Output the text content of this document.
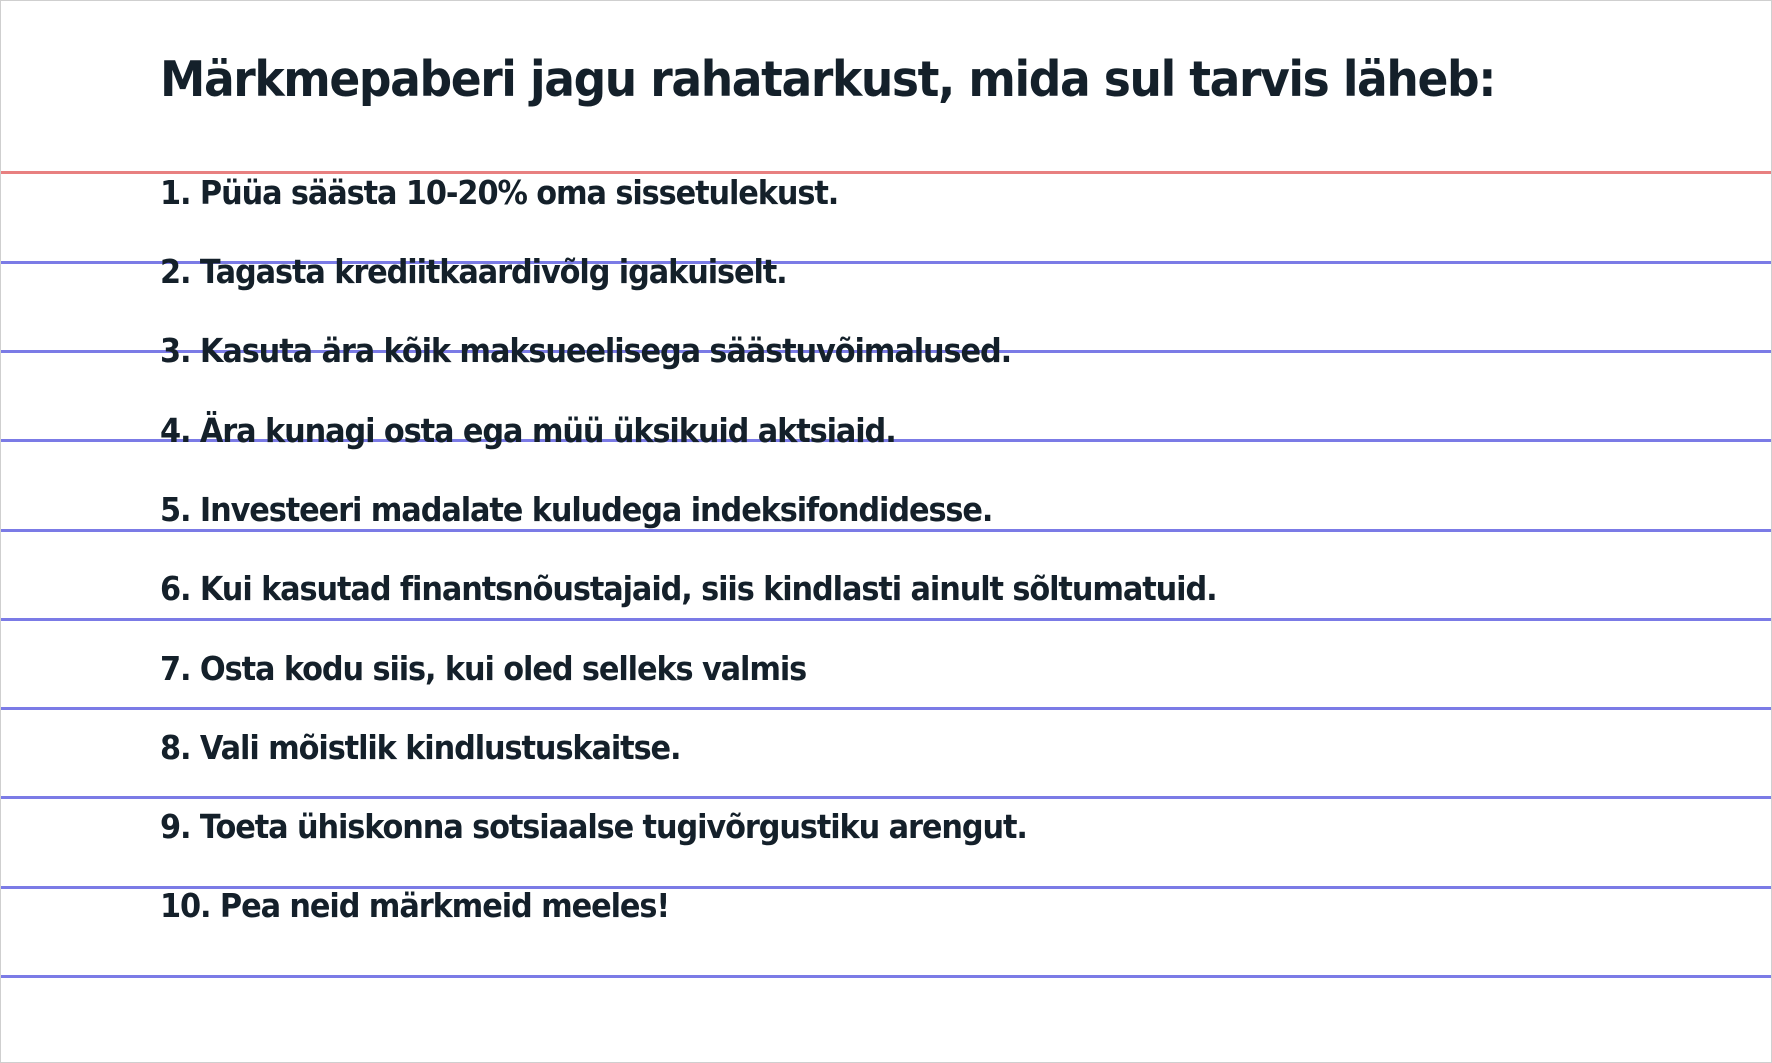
Märkmepaberi jagu rahatarkust, mida sul tarvis läheb:
1. Püüa säästa 10-20% oma sissetulekust.
2. Tagasta krediitkaardivõlg igakuiselt.
3. Kasuta ära kõik maksueelisega säästuvõimalused.
4. Ära kunagi osta ega müü üksikuid aktsiaid.
5. Investeeri madalate kuludega indeksifondidesse.
6. Kui kasutad finantsnõustajaid, siis kindlasti ainult sõltumatuid.
7. Osta kodu siis, kui oled selleks valmis
8. Vali mõistlik kindlustuskaitse.
9. Toeta ühiskonna sotsiaalse tugivõrgustiku arengut.
10. Pea neid märkmeid meeles!
